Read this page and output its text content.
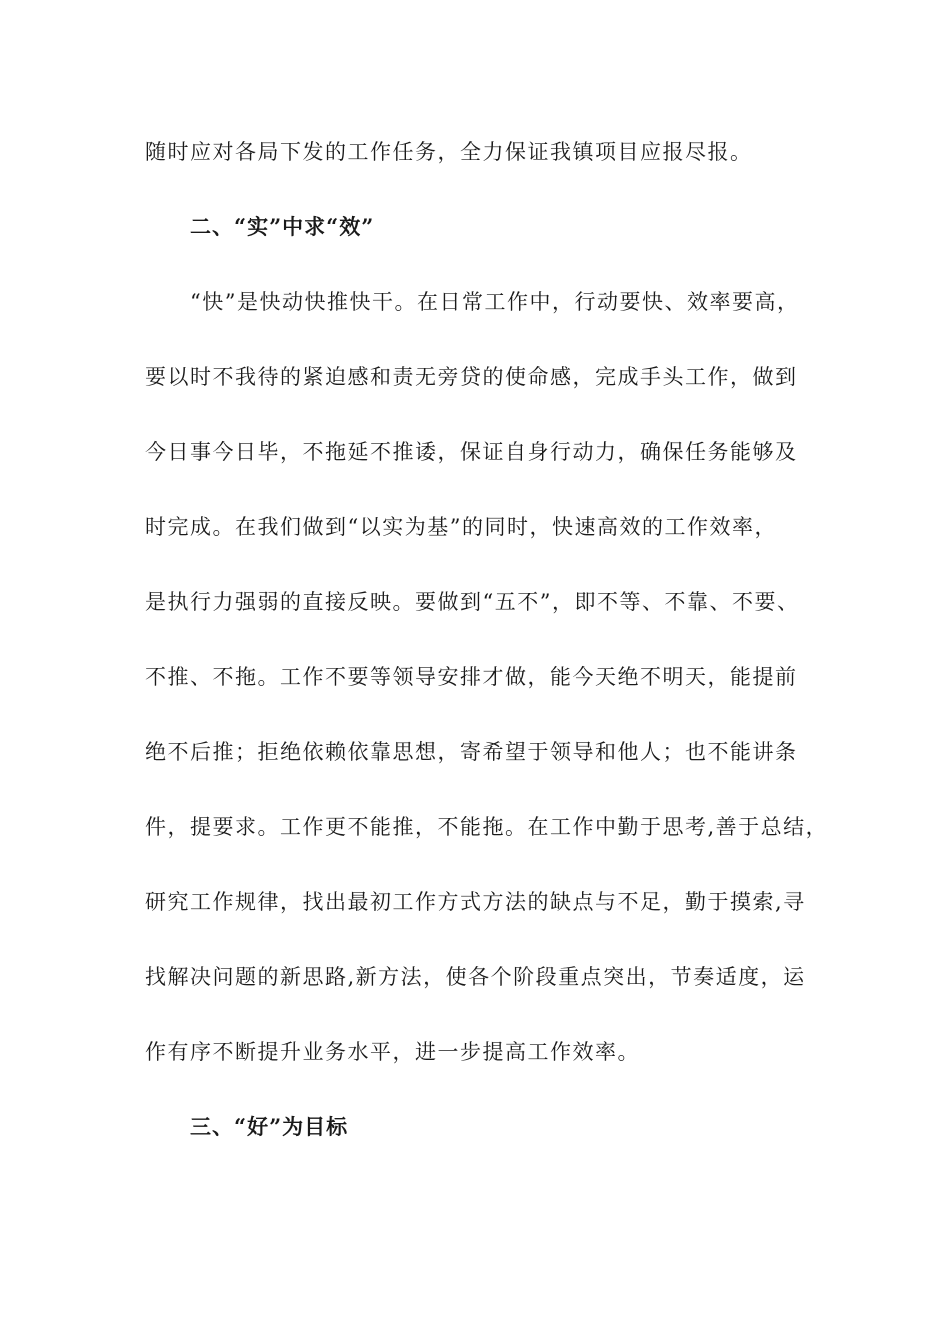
随时应对各局下发的工作任务，全力保证我镇项目应报尽报。
二、“实”中求“效”
“快”是快动快推快干。在日常工作中，行动要快、效率要高，
要以时不我待的紧迫感和责无旁贷的使命感，完成手头工作，做到
今日事今日毕，不拖延不推诿，保证自身行动力，确保任务能够及
时完成。在我们做到“以实为基”的同时，快速高效的工作效率，
是执行力强弱的直接反映。要做到“五不”，即不等、不靠、不要、
不推、不拖。工作不要等领导安排才做，能今天绝不明天，能提前
绝不后推；拒绝依赖依靠思想，寄希望于领导和他人；也不能讲条
件，提要求。工作更不能推，不能拖。在工作中勤于思考,善于总结，
研究工作规律，找出最初工作方式方法的缺点与不足，勤于摸索,寻
找解决问题的新思路,新方法，使各个阶段重点突出，节奏适度，运
作有序不断提升业务水平，进一步提高工作效率。
三、“好”为目标
